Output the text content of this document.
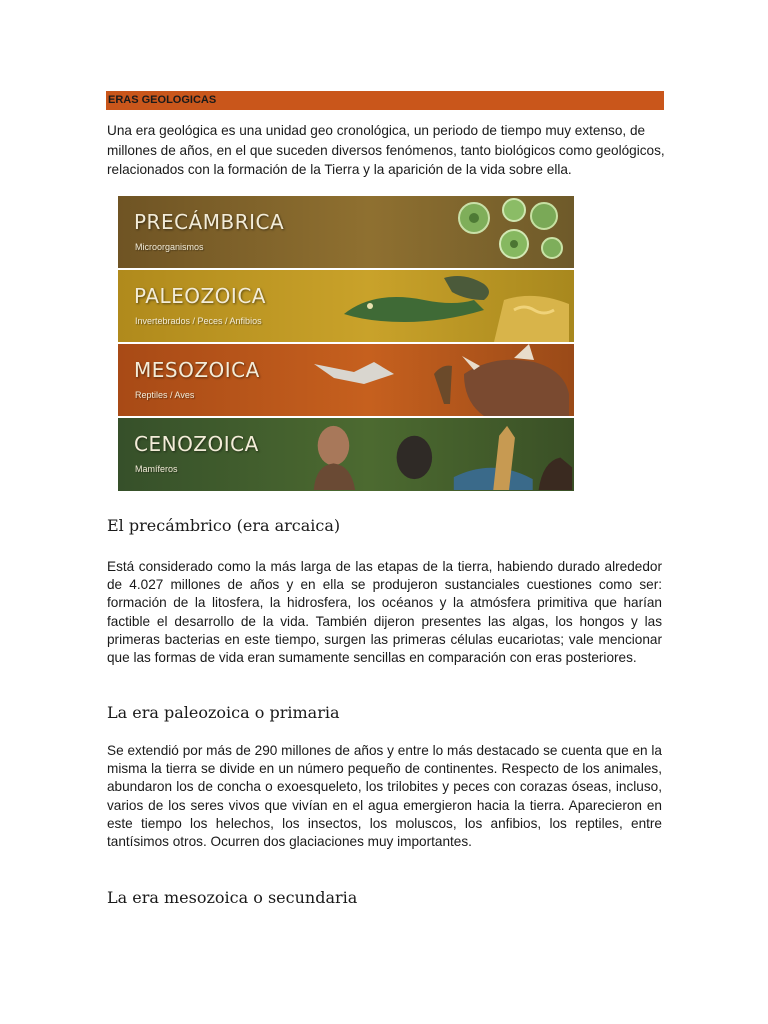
ERAS GEOLOGICAS
Una era geológica es una unidad geo cronológica, un periodo de tiempo muy extenso, de millones de años, en el que suceden diversos fenómenos, tanto biológicos como geológicos, relacionados con la formación de la Tierra y la aparición de la vida sobre ella.
PRECÁMBRICA
Microorganismos
PALEOZOICA
Invertebrados / Peces / Anfibios
MESOZOICA
Reptiles / Aves
CENOZOICA
Mamíferos
El precámbrico (era arcaica)

Está considerado como la más larga de las etapas de la tierra, habiendo durado alrededor de 4.027 millones de años y en ella se produjeron sustanciales cuestiones como ser: formación de la litosfera, la hidrosfera, los océanos y la atmósfera primitiva que harían factible el desarrollo de la vida. También dijeron presentes las algas, los hongos y las primeras bacterias en este tiempo, surgen las primeras células eucariotas; vale mencionar que las formas de vida eran sumamente sencillas en comparación con eras posteriores.

La era paleozoica o primaria

Se extendió por más de 290 millones de años y entre lo más destacado se cuenta que en la misma la tierra se divide en un número pequeño de continentes. Respecto de los animales, abundaron los de concha o exoesqueleto, los trilobites y peces con corazas óseas, incluso, varios de los seres vivos que vivían en el agua emergieron hacia la tierra. Aparecieron en este tiempo los helechos, los insectos, los moluscos, los anfibios, los reptiles, entre tantísimos otros. Ocurren dos glaciaciones muy importantes.

La era mesozoica o secundaria
